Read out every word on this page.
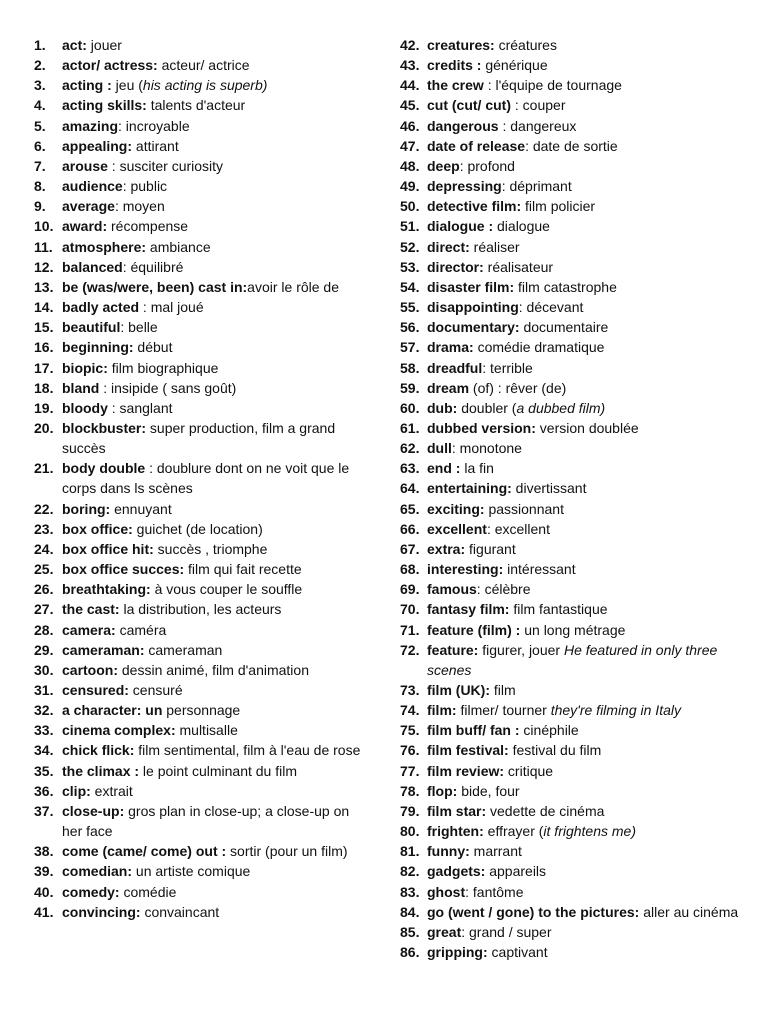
1.	act: jouer
2.	actor/ actress: acteur/ actrice
3.	acting : jeu (his acting is superb)
4.	acting skills: talents d'acteur
5.	amazing: incroyable
6.	appealing: attirant
7.	arouse : susciter curiosity
8.	audience: public
9.	average: moyen
10. award: récompense
11. atmosphere: ambiance
12. balanced: équilibré
13. be (was/were, been) cast in:avoir le rôle de
14. badly acted : mal joué
15. beautiful: belle
16. beginning: début
17. biopic: film biographique
18. bland : insipide ( sans goût)
19. bloody : sanglant
20. blockbuster: super production, film a grand succès
21. body double : doublure dont on ne voit que le corps dans ls scènes
22. boring: ennuyant
23. box office: guichet (de location)
24. box office hit: succès , triomphe
25. box office succes: film qui fait recette
26. breathtaking: à vous couper le souffle
27. the cast: la distribution, les acteurs
28. camera: caméra
29. cameraman: cameraman
30. cartoon: dessin animé, film d'animation
31. censured: censuré
32. a character: un personnage
33. cinema complex: multisalle
34. chick flick: film sentimental, film à l'eau de rose
35. the climax : le point culminant du film
36. clip: extrait
37. close-up: gros plan in close-up; a close-up on her face
38. come (came/ come) out : sortir (pour un film)
39. comedian: un artiste comique
40. comedy: comédie
41. convincing: convaincant
42. creatures: créatures
43. credits : générique
44. the crew : l'équipe de tournage
45. cut (cut/ cut) : couper
46. dangerous : dangereux
47. date of release: date de sortie
48. deep: profond
49. depressing: déprimant
50. detective film: film policier
51. dialogue : dialogue
52. direct: réaliser
53. director: réalisateur
54. disaster film: film catastrophe
55. disappointing: décevant
56. documentary: documentaire
57. drama: comédie dramatique
58. dreadful: terrible
59. dream (of) : rêver (de)
60. dub: doubler (a dubbed film)
61. dubbed version: version doublée
62. dull: monotone
63. end : la fin
64. entertaining: divertissant
65. exciting: passionnant
66. excellent: excellent
67. extra: figurant
68. interesting: intéressant
69. famous: célèbre
70. fantasy film: film fantastique
71. feature (film) : un long métrage
72. feature: figurer, jouer He featured in only three scenes
73. film (UK): film
74. film: filmer/ tourner they're filming in Italy
75. film buff/ fan : cinéphile
76. film festival: festival du film
77. film review: critique
78. flop: bide, four
79. film star: vedette de cinéma
80. frighten: effrayer (it frightens me)
81. funny: marrant
82. gadgets: appareils
83. ghost: fantôme
84. go (went / gone) to the pictures: aller au cinéma
85. great: grand / super
86. gripping: captivant
